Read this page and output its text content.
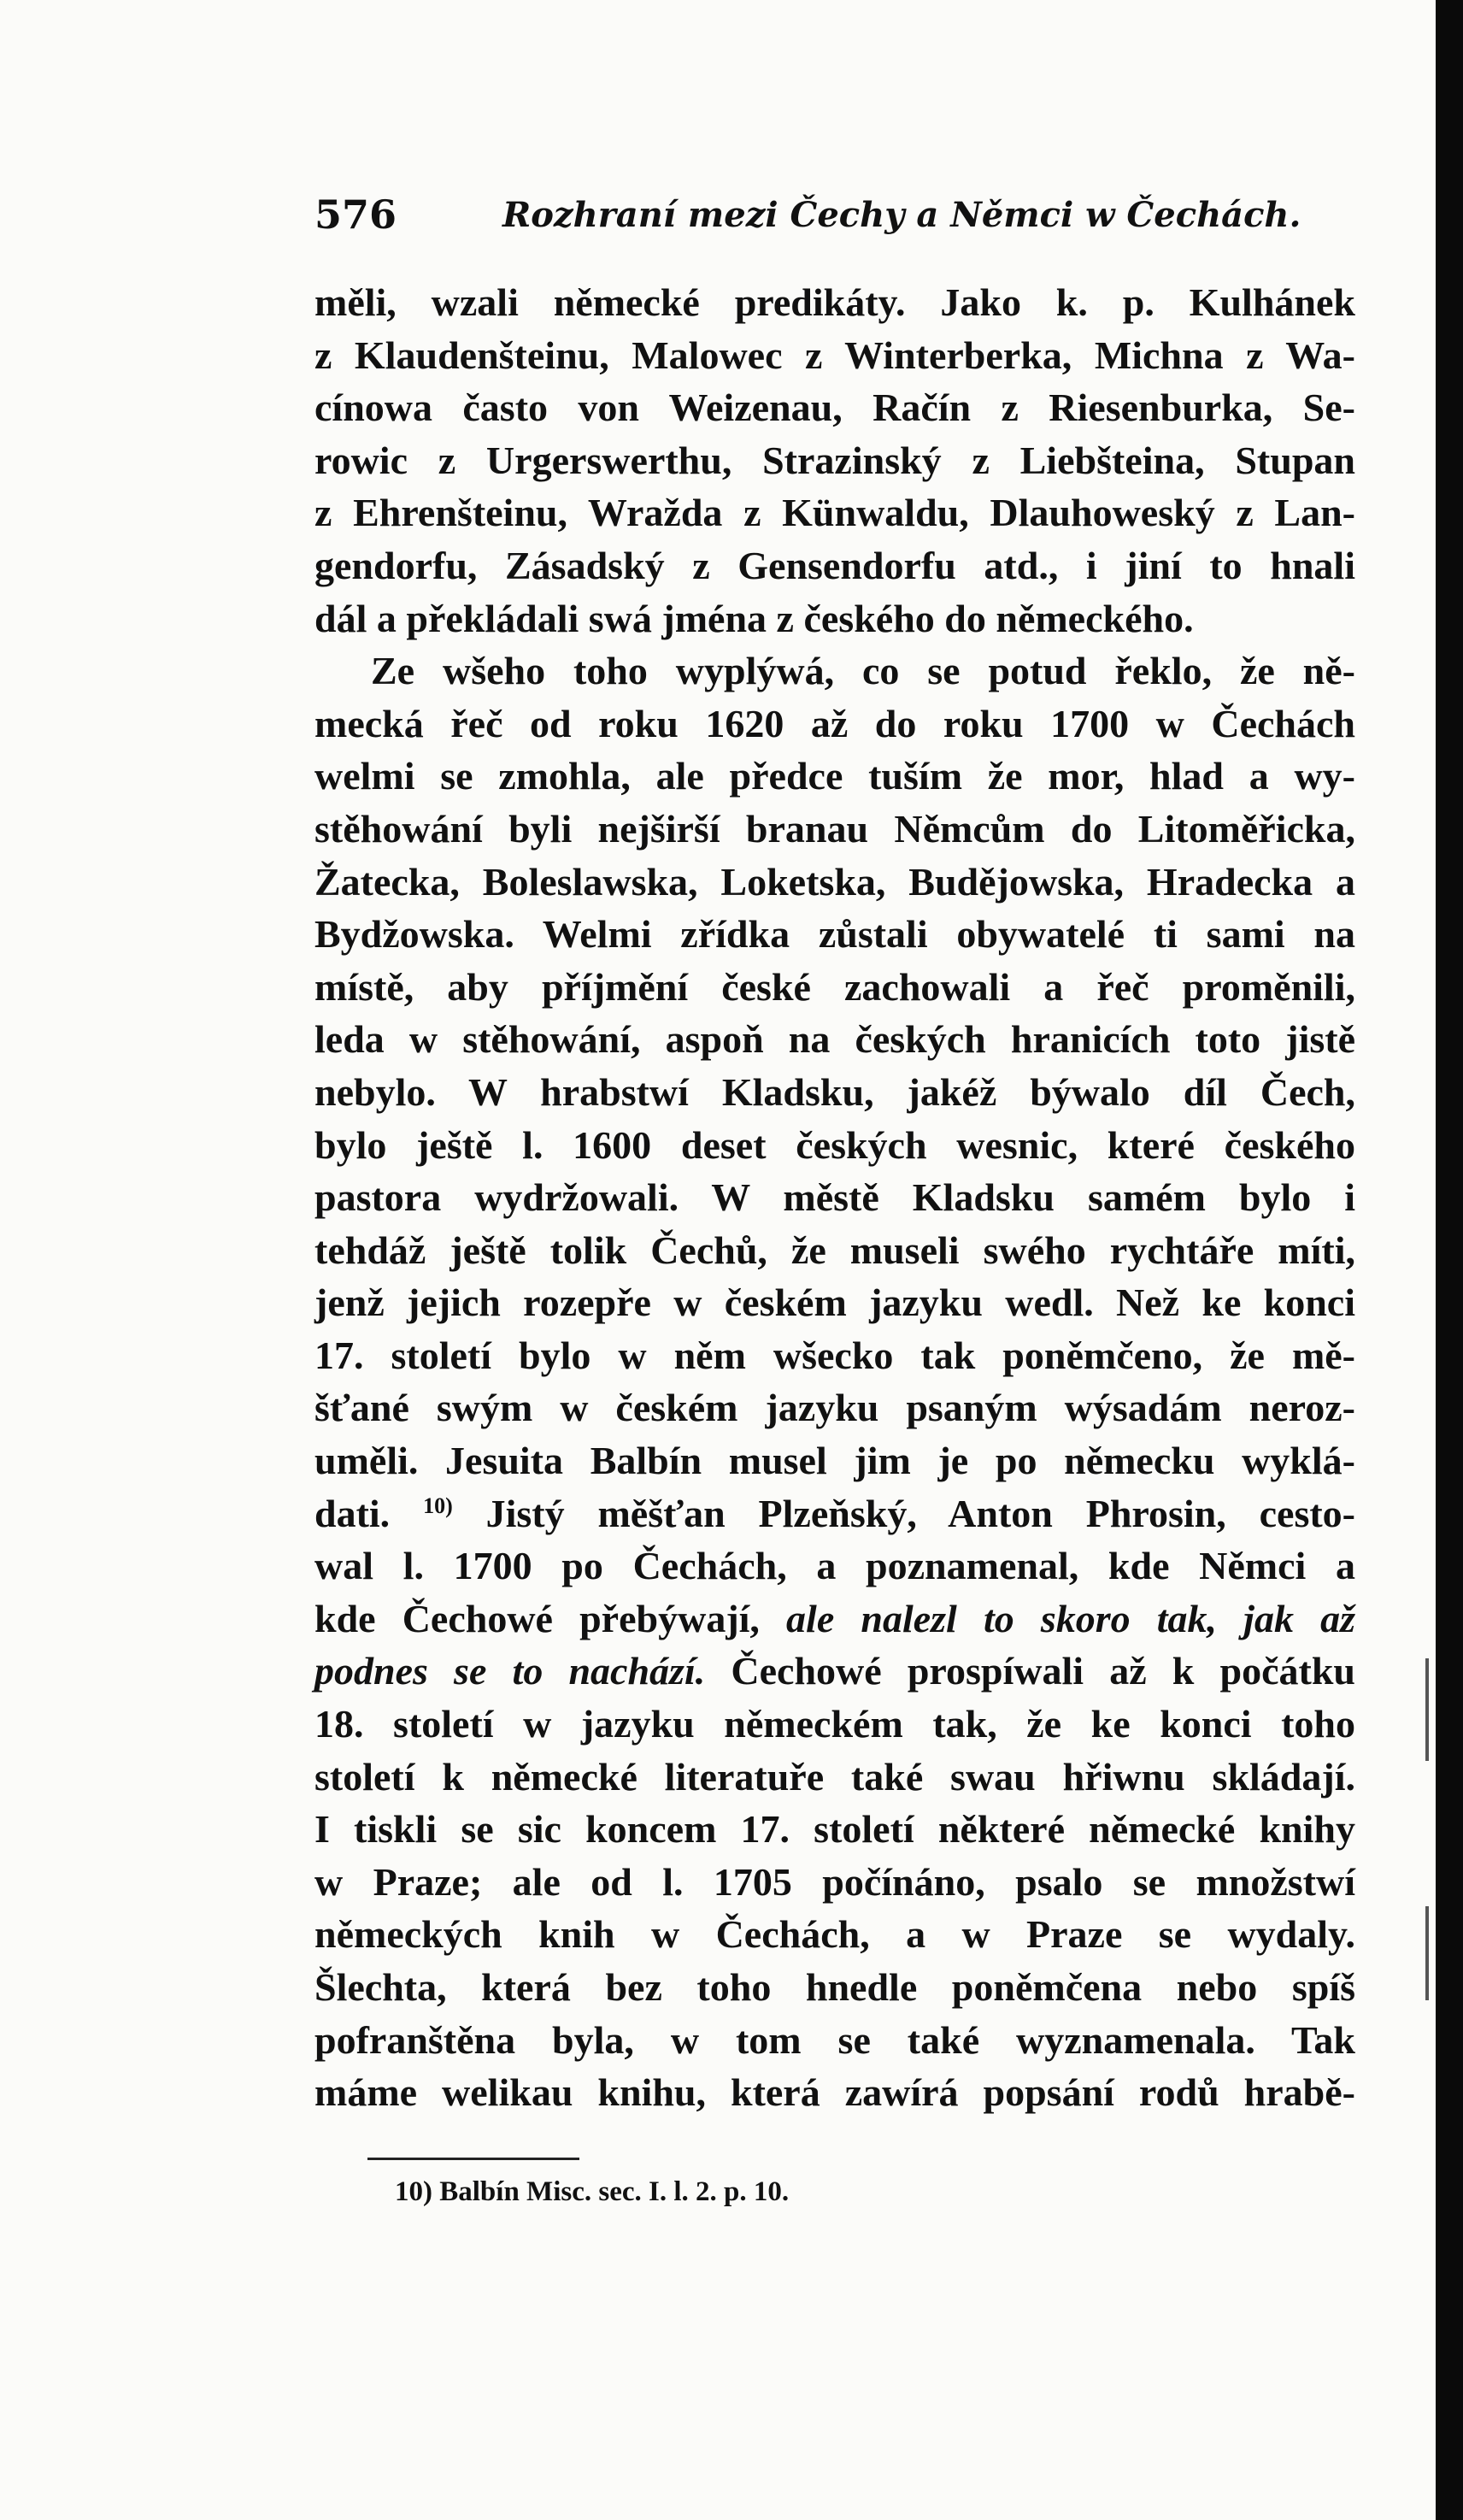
576	Rozhraní mezi Čechy a Němci w Čechách.
měli, wzali německé predikáty. Jako k. p. Kulhánek
z Klaudenšteinu, Malowec z Winterberka, Michna z Wa-
cínowa často von Weizenau, Račín z Riesenburka, Se-
rowic z Urgerswerthu, Strazinský z Liebšteina, Stupan
z Ehrenšteinu, Wražda z Künwaldu, Dlauhoweský z Lan-
gendorfu, Zásadský z Gensendorfu atd., i jiní to hnali
dál a překládali swá jména z českého do německého.
Ze wšeho toho wyplýwá, co se potud řeklo, že ně-
mecká řeč od roku 1620 až do roku 1700 w Čechách
welmi se zmohla, ale předce tuším že mor, hlad a wy-
stěhowání byli nejširší branau Němcům do Litoměřicka,
Žatecka, Boleslawska, Loketska, Budějowska, Hradecka a
Bydžowska. Welmi zřídka zůstali obywatelé ti sami na
místě, aby příjmění české zachowali a řeč proměnili,
leda w stěhowání, aspoň na českých hranicích toto jistě
nebylo. W hrabstwí Kladsku, jakéž býwalo díl Čech,
bylo ještě l. 1600 deset českých wesnic, které českého
pastora wydržowali. W městě Kladsku samém bylo i
tehdáž ještě tolik Čechů, že museli swého rychtáře míti,
jenž jejich rozepře w českém jazyku wedl. Než ke konci
17. století bylo w něm wšecko tak poněmčeno, že mě-
šťané swým w českém jazyku psaným wýsadám neroz-
uměli. Jesuita Balbín musel jim je po německu wyklá-
dati. $^{10)}$ Jistý měšťan Plzeňský, Anton Phrosin, cesto-
wal l. 1700 po Čechách, a poznamenal, kde Němci a
kde Čechowé přebýwají, ale nalezl to skoro tak, jak až
podnes se to nachází. Čechowé prospíwali až k počátku
18. století w jazyku německém tak, že ke konci toho
století k německé literatuře také swau hřiwnu skládají.
I tiskli se sic koncem 17. století některé německé knihy
w Praze; ale od l. 1705 počínáno, psalo se množstwí
německých knih w Čechách, a w Praze se wydaly.
Šlechta, která bez toho hnedle poněmčena nebo spíš
pofranštěna byla, w tom se také wyznamenala. Tak
máme welikau knihu, která zawírá popsání rodů hrabě-
10) Balbín Misc. sec. I. l. 2. p. 10.
